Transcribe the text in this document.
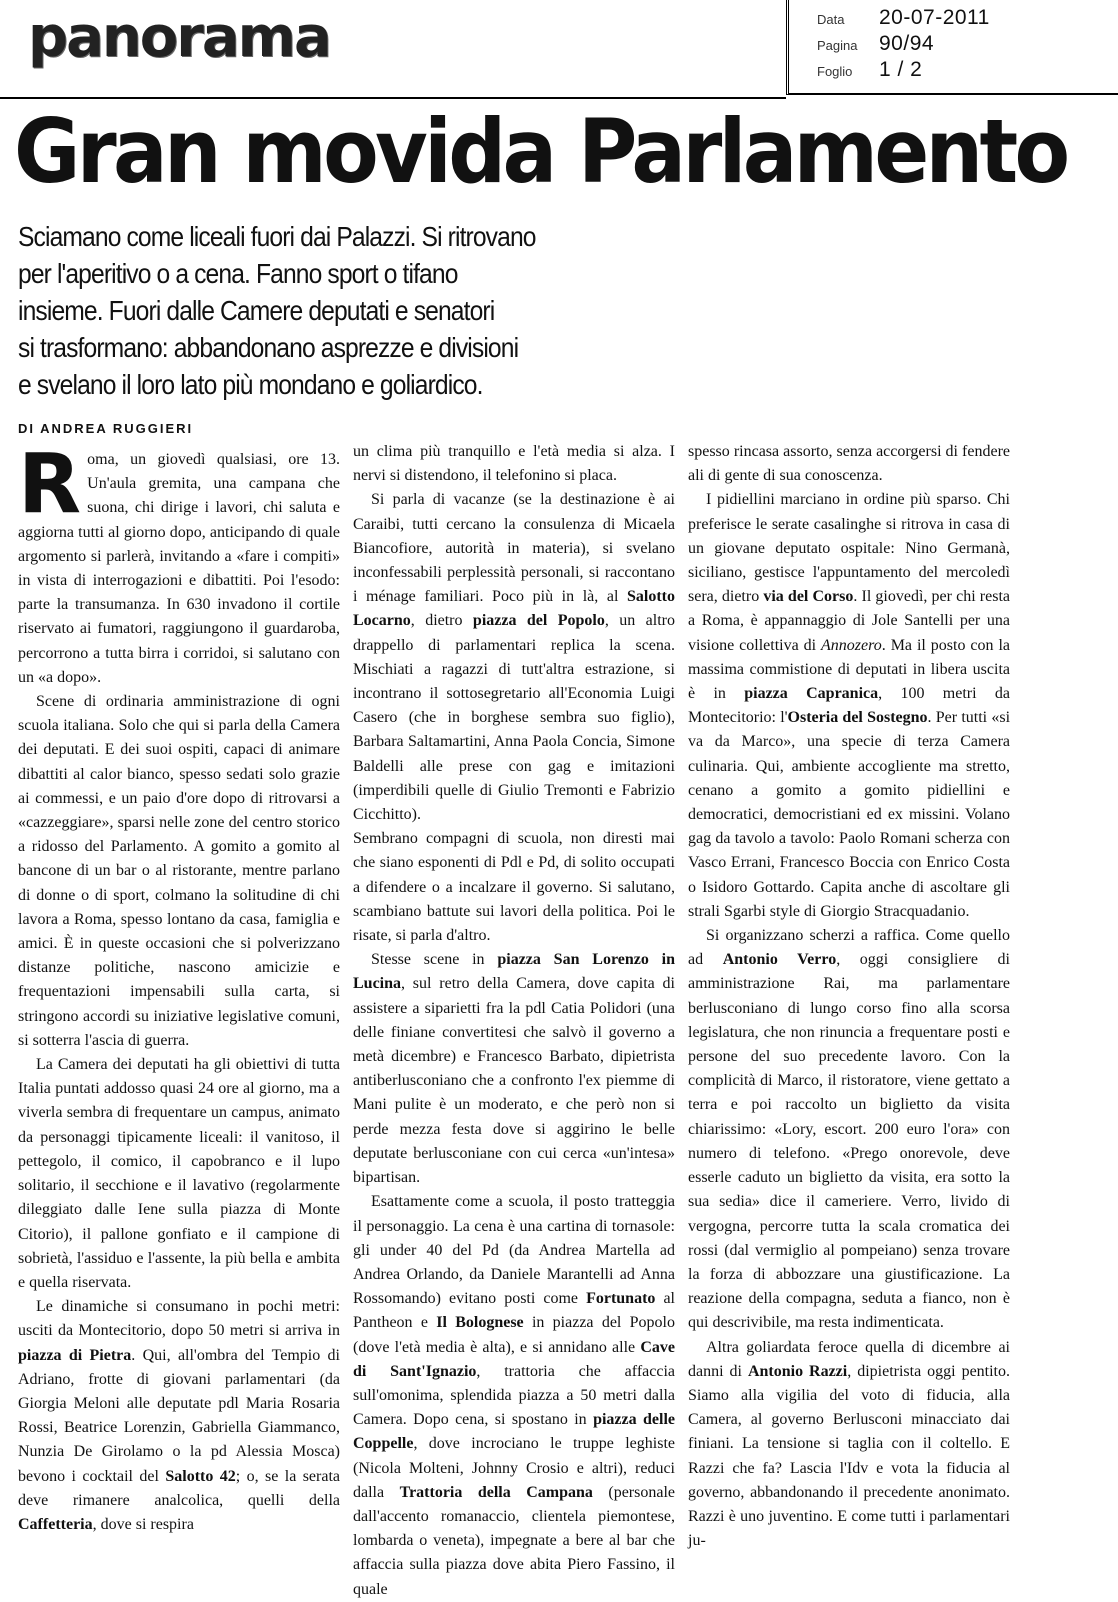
panorama	Data 20-07-2011
Pagina 90/94
Foglio 1 / 2
Gran movida Parlamento
Sciamano come liceali fuori dai Palazzi. Si ritrovano
per l'aperitivo o a cena. Fanno sport o tifano
insieme. Fuori dalle Camere deputati e senatori
si trasformano: abbandonano asprezze e divisioni
e svelano il loro lato più mondano e goliardico.
DI ANDREA RUGGIERI

Roma, un giovedì qualsiasi, ore 13. Un'aula gremita, una campana che suona, chi dirige i lavori, chi saluta e aggiorna tutti al giorno dopo, anticipando di quale argomento si parlerà, invitando a «fare i compiti» in vista di interrogazioni e dibattiti. Poi l'esodo: parte la transumanza. In 630 invadono il cortile riservato ai fumatori, raggiungono il guardaroba, percorrono a tutta birra i corridoi, si salutano con un «a dopo».

Scene di ordinaria amministrazione di ogni scuola italiana. Solo che qui si parla della Camera dei deputati. E dei suoi ospiti, capaci di animare dibattiti al calor bianco, spesso sedati solo grazie ai commessi, e un paio d'ore dopo di ritrovarsi a «cazzeggiare», sparsi nelle zone del centro storico a ridosso del Parlamento. A gomito a gomito al bancone di un bar o al ristorante, mentre parlano di donne o di sport, colmano la solitudine di chi lavora a Roma, spesso lontano da casa, famiglia e amici. È in queste occasioni che si polverizzano distanze politiche, nascono amicizie e frequentazioni impensabili sulla carta, si stringono accordi su iniziative legislative comuni, si sotterra l'ascia di guerra.

La Camera dei deputati ha gli obiettivi di tutta Italia puntati addosso quasi 24 ore al giorno, ma a viverla sembra di frequentare un campus, animato da personaggi tipicamente liceali: il vanitoso, il pettegolo, il comico, il capobranco e il lupo solitario, il secchione e il lavativo (regolarmente dileggiato dalle Iene sulla piazza di Monte Citorio), il pallone gonfiato e il campione di sobrietà, l'assiduo e l'assente, la più bella e ambita e quella riservata.

Le dinamiche si consumano in pochi metri: usciti da Montecitorio, dopo 50 metri si arriva in piazza di Pietra. Qui, all'ombra del Tempio di Adriano, frotte di giovani parlamentari (da Giorgia Meloni alle deputate pdl Maria Rosaria Rossi, Beatrice Lorenzin, Gabriella Giammanco, Nunzia De Girolamo o la pd Alessia Mosca) bevono i cocktail del Salotto 42; o, se la serata deve rimanere analcolica, quelli della Caffetteria, dove si respira

un clima più tranquillo e l'età media si alza. I nervi si distendono, il telefonino si placa.

Si parla di vacanze (se la destinazione è ai Caraibi, tutti cercano la consulenza di Micaela Biancofiore, autorità in materia), si svelano inconfessabili perplessità personali, si raccontano i ménage familiari. Poco più in là, al Salotto Locarno, dietro piazza del Popolo, un altro drappello di parlamentari replica la scena. Mischiati a ragazzi di tutt'altra estrazione, si incontrano il sottosegretario all'Economia Luigi Casero (che in borghese sembra suo figlio), Barbara Saltamartini, Anna Paola Concia, Simone Baldelli alle prese con gag e imitazioni (imperdibili quelle di Giulio Tremonti e Fabrizio Cicchitto).

Sembrano compagni di scuola, non diresti mai che siano esponenti di Pdl e Pd, di solito occupati a difendere o a incalzare il governo. Si salutano, scambiano battute sui lavori della politica. Poi le risate, si parla d'altro.

Stesse scene in piazza San Lorenzo in Lucina, sul retro della Camera, dove capita di assistere a siparietti fra la pdl Catia Polidori (una delle finiane convertitesi che salvò il governo a metà dicembre) e Francesco Barbato, dipietrista antiberlusconiano che a confronto l'ex piemme di Mani pulite è un moderato, e che però non si perde mezza festa dove si aggirino le belle deputate berlusconiane con cui cerca «un'intesa» bipartisan.

Esattamente come a scuola, il posto tratteggia il personaggio. La cena è una cartina di tornasole: gli under 40 del Pd (da Andrea Martella ad Andrea Orlando, da Daniele Marantelli ad Anna Rossomando) evitano posti come Fortunato al Pantheon e Il Bolognese in piazza del Popolo (dove l'età media è alta), e si annidano alle Cave di Sant'Ignazio, trattoria che affaccia sull'omonima, splendida piazza a 50 metri dalla Camera. Dopo cena, si spostano in piazza delle Coppelle, dove incrociano le truppe leghiste (Nicola Molteni, Johnny Crosio e altri), reduci dalla Trattoria della Campana (personale dall'accento romanaccio, clientela piemontese, lombarda o veneta), impegnate a bere al bar che affaccia sulla piazza dove abita Piero Fassino, il quale

spesso rincasa assorto, senza accorgersi di fendere ali di gente di sua conoscenza.

I pidiellini marciano in ordine più sparso. Chi preferisce le serate casalinghe si ritrova in casa di un giovane deputato ospitale: Nino Germanà, siciliano, gestisce l'appuntamento del mercoledì sera, dietro via del Corso. Il giovedì, per chi resta a Roma, è appannaggio di Jole Santelli per una visione collettiva di Annozero. Ma il posto con la massima commistione di deputati in libera uscita è in piazza Capranica, 100 metri da Montecitorio: l'Osteria del Sostegno. Per tutti «si va da Marco», una specie di terza Camera culinaria. Qui, ambiente accogliente ma stretto, cenano a gomito a gomito pidiellini e democratici, democristiani ed ex missini. Volano gag da tavolo a tavolo: Paolo Romani scherza con Vasco Errani, Francesco Boccia con Enrico Costa o Isidoro Gottardo. Capita anche di ascoltare gli strali Sgarbi style di Giorgio Stracquadanio.

Si organizzano scherzi a raffica. Come quello ad Antonio Verro, oggi consigliere di amministrazione Rai, ma parlamentare berlusconiano di lungo corso fino alla scorsa legislatura, che non rinuncia a frequentare posti e persone del suo precedente lavoro. Con la complicità di Marco, il ristoratore, viene gettato a terra e poi raccolto un biglietto da visita chiarissimo: «Lory, escort. 200 euro l'ora» con numero di telefono. «Prego onorevole, deve esserle caduto un biglietto da visita, era sotto la sua sedia» dice il cameriere. Verro, livido di vergogna, percorre tutta la scala cromatica dei rossi (dal vermiglio al pompeiano) senza trovare la forza di abbozzare una giustificazione. La reazione della compagna, seduta a fianco, non è qui descrivibile, ma resta indimenticata.

Altra goliardata feroce quella di dicembre ai danni di Antonio Razzi, dipietrista oggi pentito. Siamo alla vigilia del voto di fiducia, alla Camera, al governo Berlusconi minacciato dai finiani. La tensione si taglia con il coltello. E Razzi che fa? Lascia l'Idv e vota la fiducia al governo, abbandonando il precedente anonimato. Razzi è uno juventino. E come tutti i parlamentari ju-
